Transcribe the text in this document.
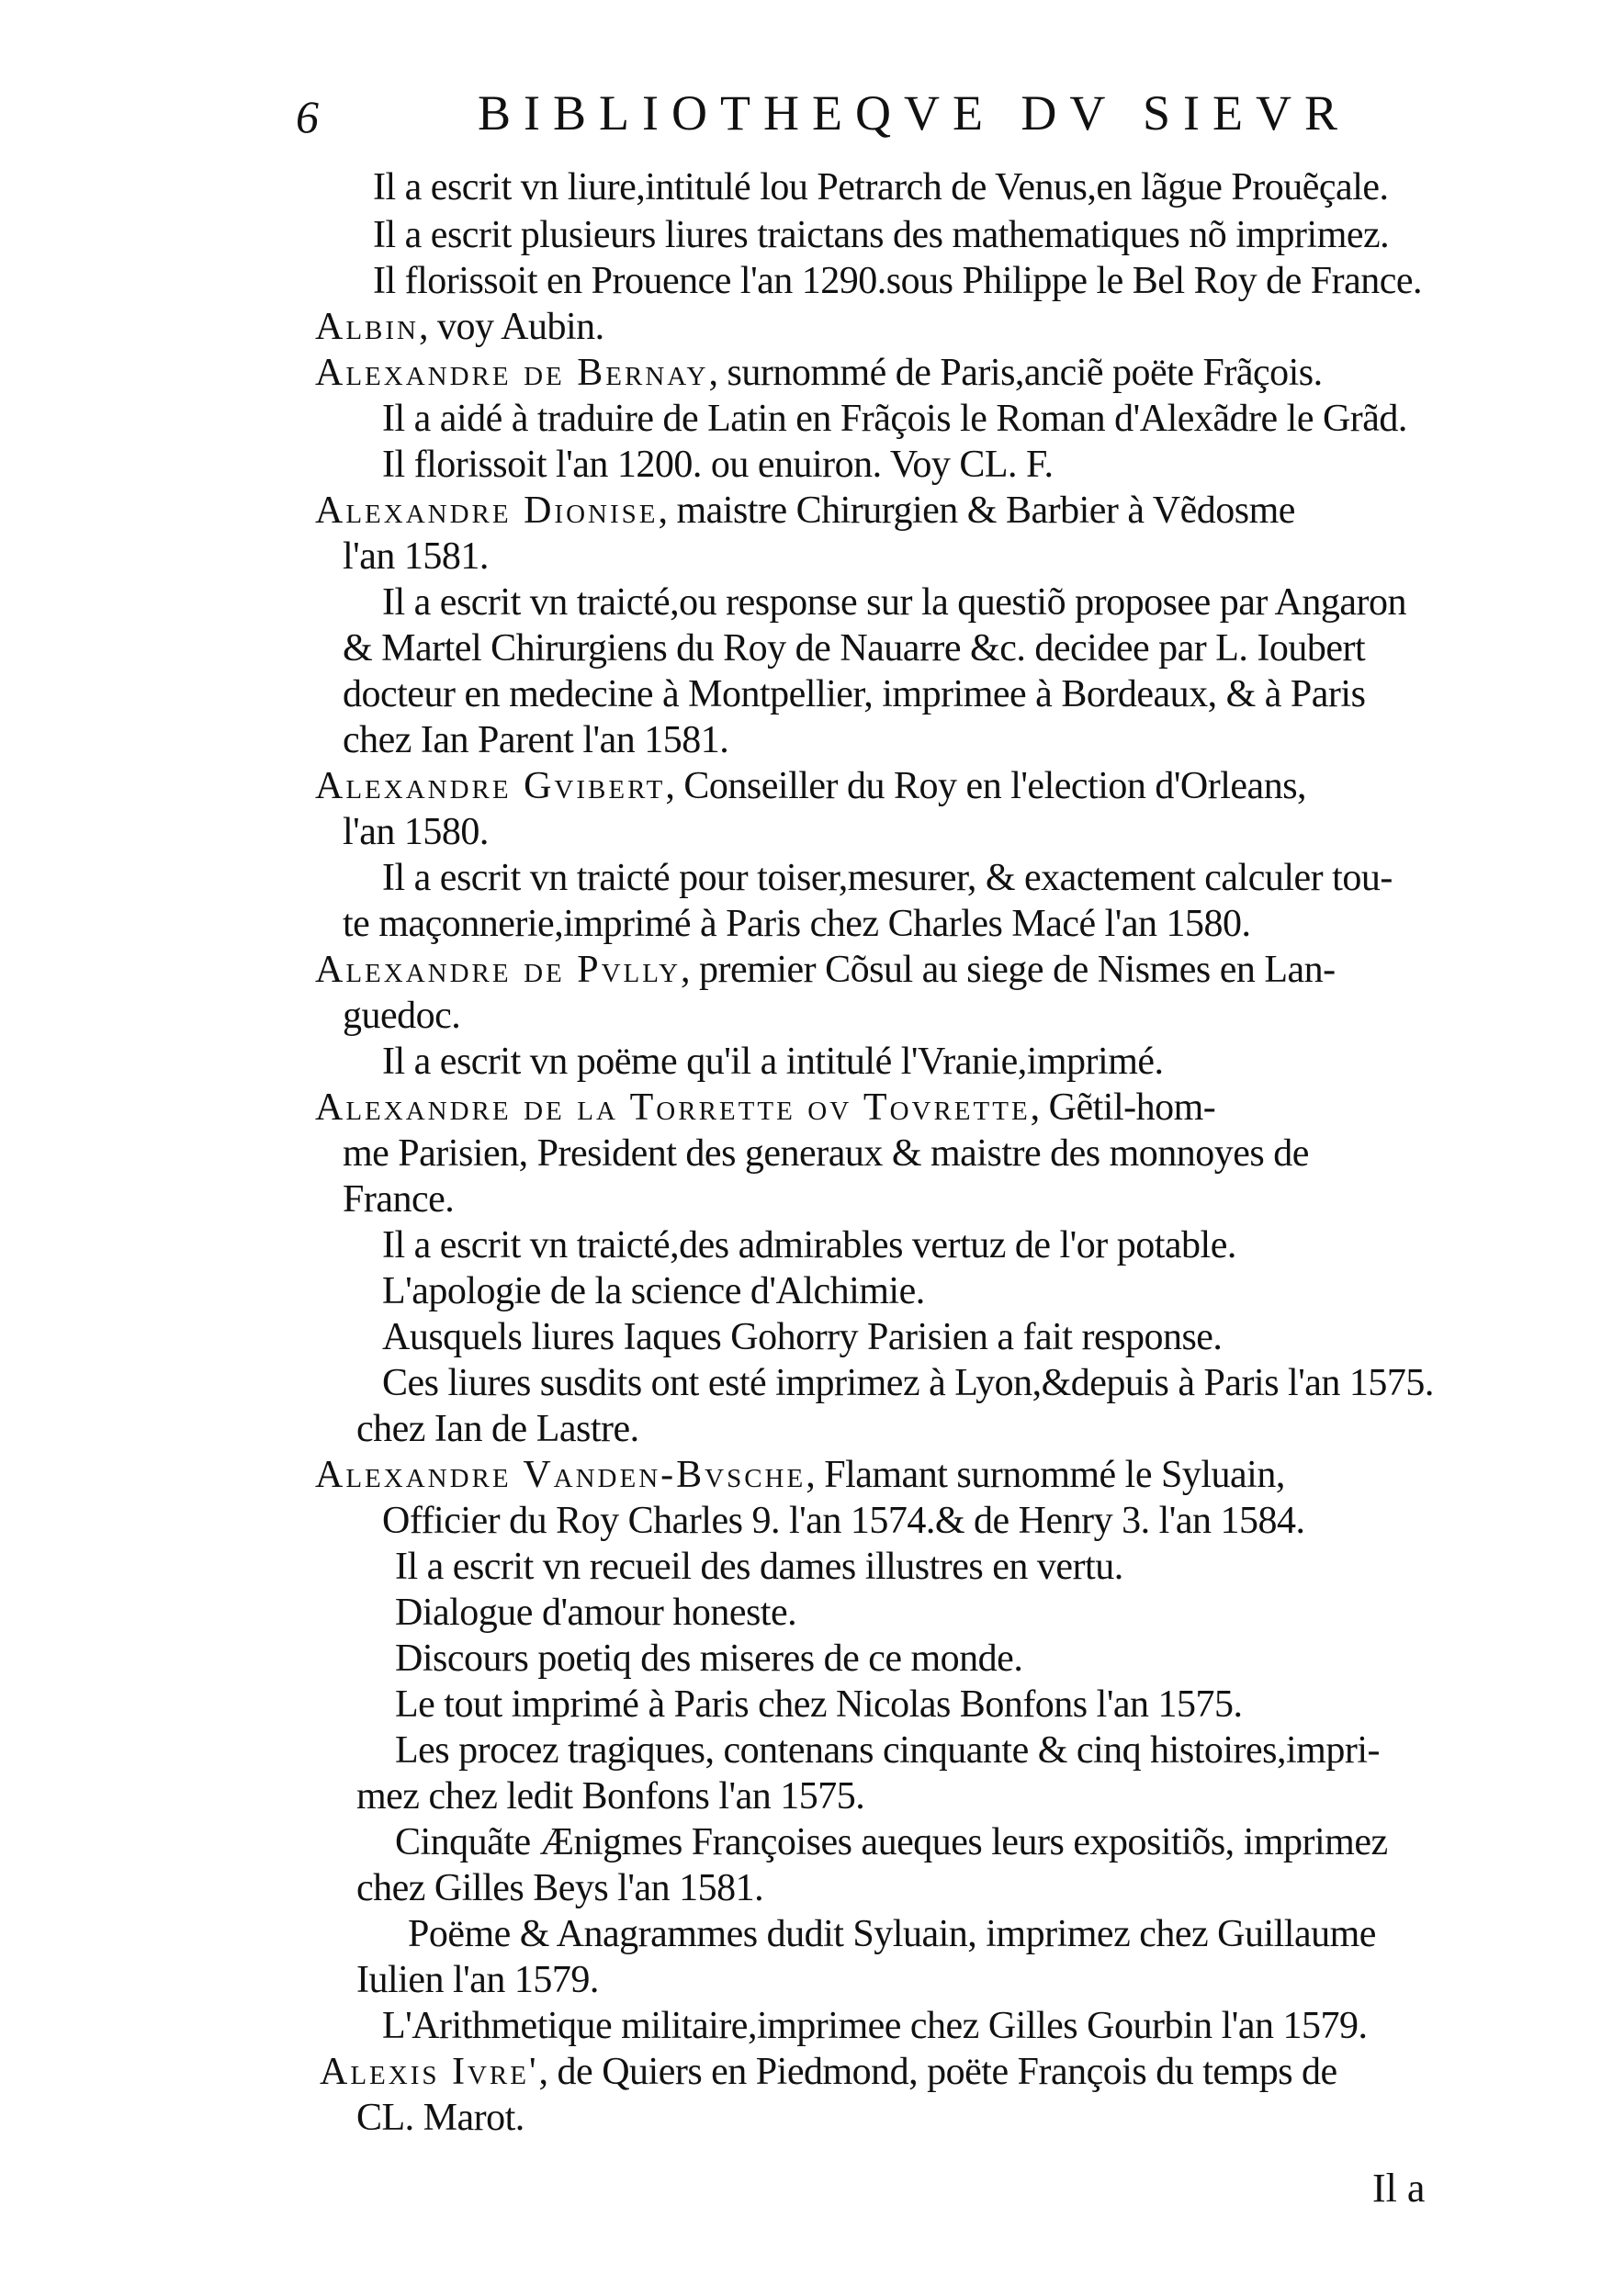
6	BIBLIOTHEQVE DV SIEVR
Il a escrit vn liure,intitulé lou Petrarch de Venus,en lãgue Prouẽçale.
Il a escrit plusieurs liures traictans des mathematiques nõ imprimez.
Il florissoit en Prouence l'an 1290.sous Philippe le Bel Roy de France.
Albin, voy Aubin.
Alexandre de Bernay, surnommé de Paris,anciẽ poëte Frãçois.
Il a aidé à traduire de Latin en Frãçois le Roman d'Alexãdre le Grãd.
Il florissoit l'an 1200. ou enuiron. Voy CL. F.
Alexandre Dionise, maistre Chirurgien & Barbier à Vẽdosme
l'an 1581.
Il a escrit vn traicté,ou response sur la questiõ proposee par Angaron
& Martel Chirurgiens du Roy de Nauarre &c. decidee par L. Ioubert
docteur en medecine à Montpellier, imprimee à Bordeaux, & à Paris
chez Ian Parent l'an 1581.
Alexandre Gvibert, Conseiller du Roy en l'election d'Orleans,
l'an 1580.
Il a escrit vn traicté pour toiser,mesurer, & exactement calculer tou-
te maçonnerie,imprimé à Paris chez Charles Macé l'an 1580.
Alexandre de Pvlly, premier Cõsul au siege de Nismes en Lan-
guedoc.
Il a escrit vn poëme qu'il a intitulé l'Vranie,imprimé.
Alexandre de la Torrette ov Tovrette, Gẽtil-hom-
me Parisien, President des generaux & maistre des monnoyes de
France.
Il a escrit vn traicté,des admirables vertuz de l'or potable.
L'apologie de la science d'Alchimie.
Ausquels liures Iaques Gohorry Parisien a fait response.
Ces liures susdits ont esté imprimez à Lyon,&depuis à Paris l'an 1575.
chez Ian de Lastre.
Alexandre Vanden-Bvsche, Flamant surnommé le Syluain,
Officier du Roy Charles 9. l'an 1574.& de Henry 3. l'an 1584.
Il a escrit vn recueil des dames illustres en vertu.
Dialogue d'amour honeste.
Discours poetiq des miseres de ce monde.
Le tout imprimé à Paris chez Nicolas Bonfons l'an 1575.
Les procez tragiques, contenans cinquante & cinq histoires,impri-
mez chez ledit Bonfons l'an 1575.
Cinquãte Ænigmes Françoises aueques leurs expositiõs, imprimez
chez Gilles Beys l'an 1581.
Poëme & Anagrammes dudit Syluain, imprimez chez Guillaume
Iulien l'an 1579.
L'Arithmetique militaire,imprimee chez Gilles Gourbin l'an 1579.
Alexis Ivre', de Quiers en Piedmond, poëte François du temps de
CL. Marot.
Il a
